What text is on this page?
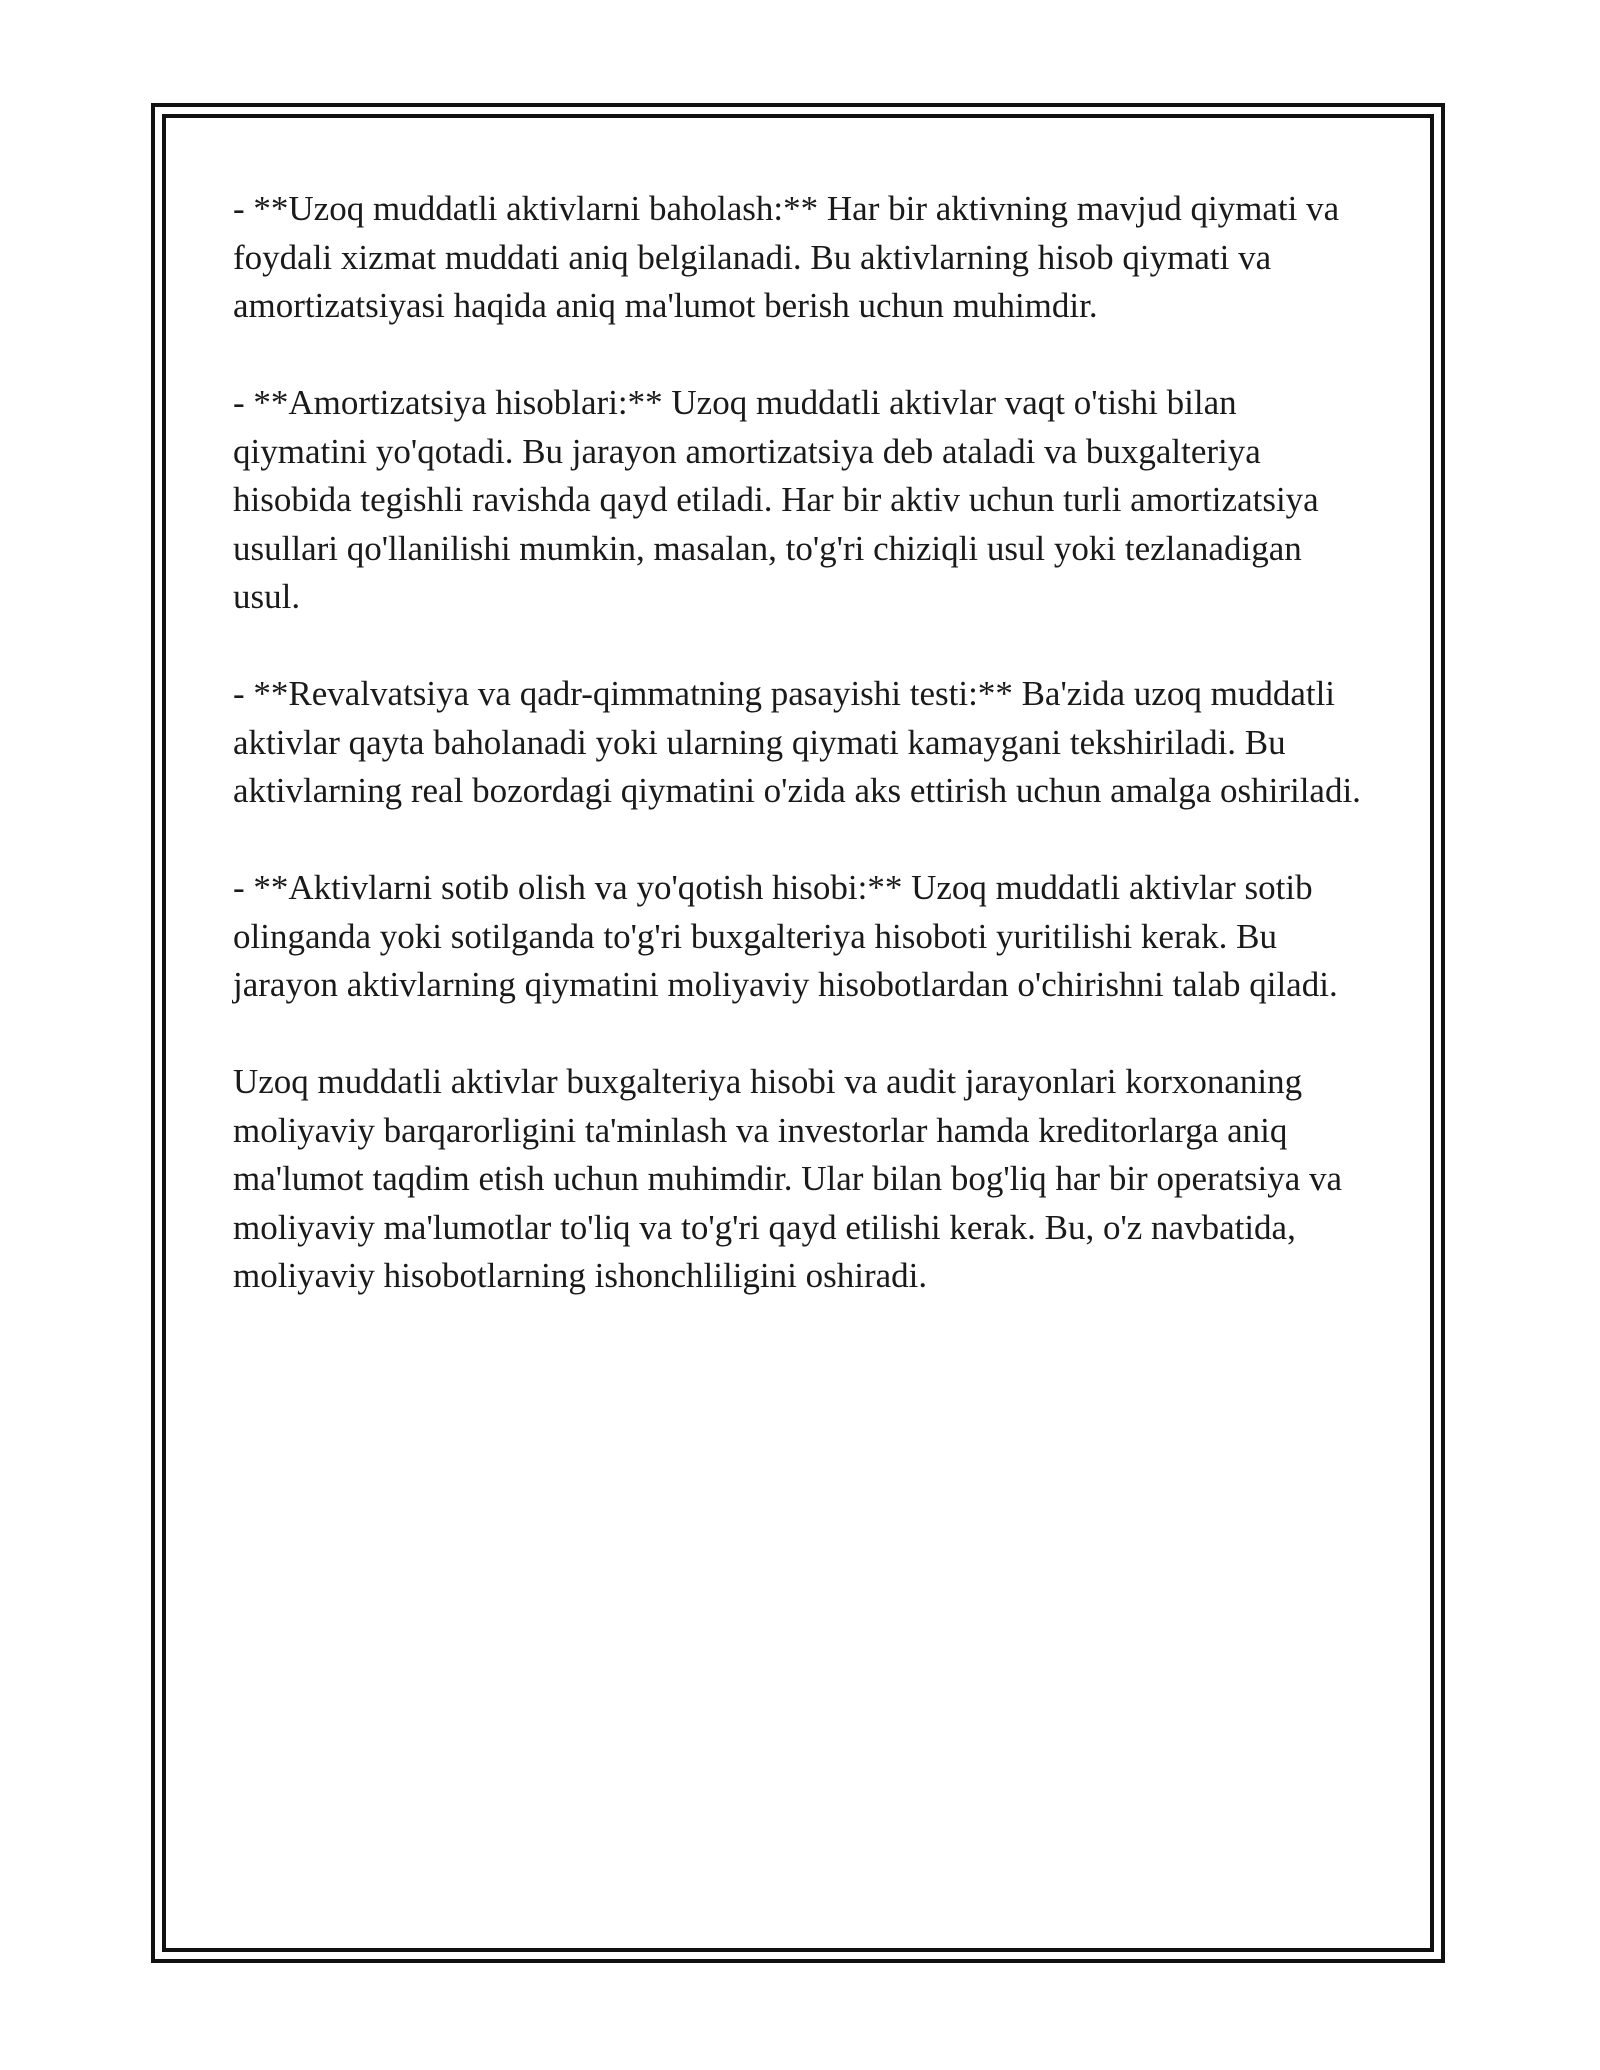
- **Uzoq muddatli aktivlarni baholash:** Har bir aktivning mavjud qiymati va foydali xizmat muddati aniq belgilanadi. Bu aktivlarning hisob qiymati va amortizatsiyasi haqida aniq ma'lumot berish uchun muhimdir.

- **Amortizatsiya hisoblari:** Uzoq muddatli aktivlar vaqt o'tishi bilan qiymatini yo'qotadi. Bu jarayon amortizatsiya deb ataladi va buxgalteriya hisobida tegishli ravishda qayd etiladi. Har bir aktiv uchun turli amortizatsiya usullari qo'llanilishi mumkin, masalan, to'g'ri chiziqli usul yoki tezlanadigan usul.

- **Revalvatsiya va qadr-qimmatning pasayishi testi:** Ba'zida uzoq muddatli aktivlar qayta baholanadi yoki ularning qiymati kamaygani tekshiriladi. Bu aktivlarning real bozordagi qiymatini o'zida aks ettirish uchun amalga oshiriladi.

- **Aktivlarni sotib olish va yo'qotish hisobi:** Uzoq muddatli aktivlar sotib olinganda yoki sotilganda to'g'ri buxgalteriya hisoboti yuritilishi kerak. Bu jarayon aktivlarning qiymatini moliyaviy hisobotlardan o'chirishni talab qiladi.

Uzoq muddatli aktivlar buxgalteriya hisobi va audit jarayonlari korxonaning moliyaviy barqarorligini ta'minlash va investorlar hamda kreditorlarga aniq ma'lumot taqdim etish uchun muhimdir. Ular bilan bog'liq har bir operatsiya va moliyaviy ma'lumotlar to'liq va to'g'ri qayd etilishi kerak. Bu, o'z navbatida, moliyaviy hisobotlarning ishonchliligini oshiradi.
